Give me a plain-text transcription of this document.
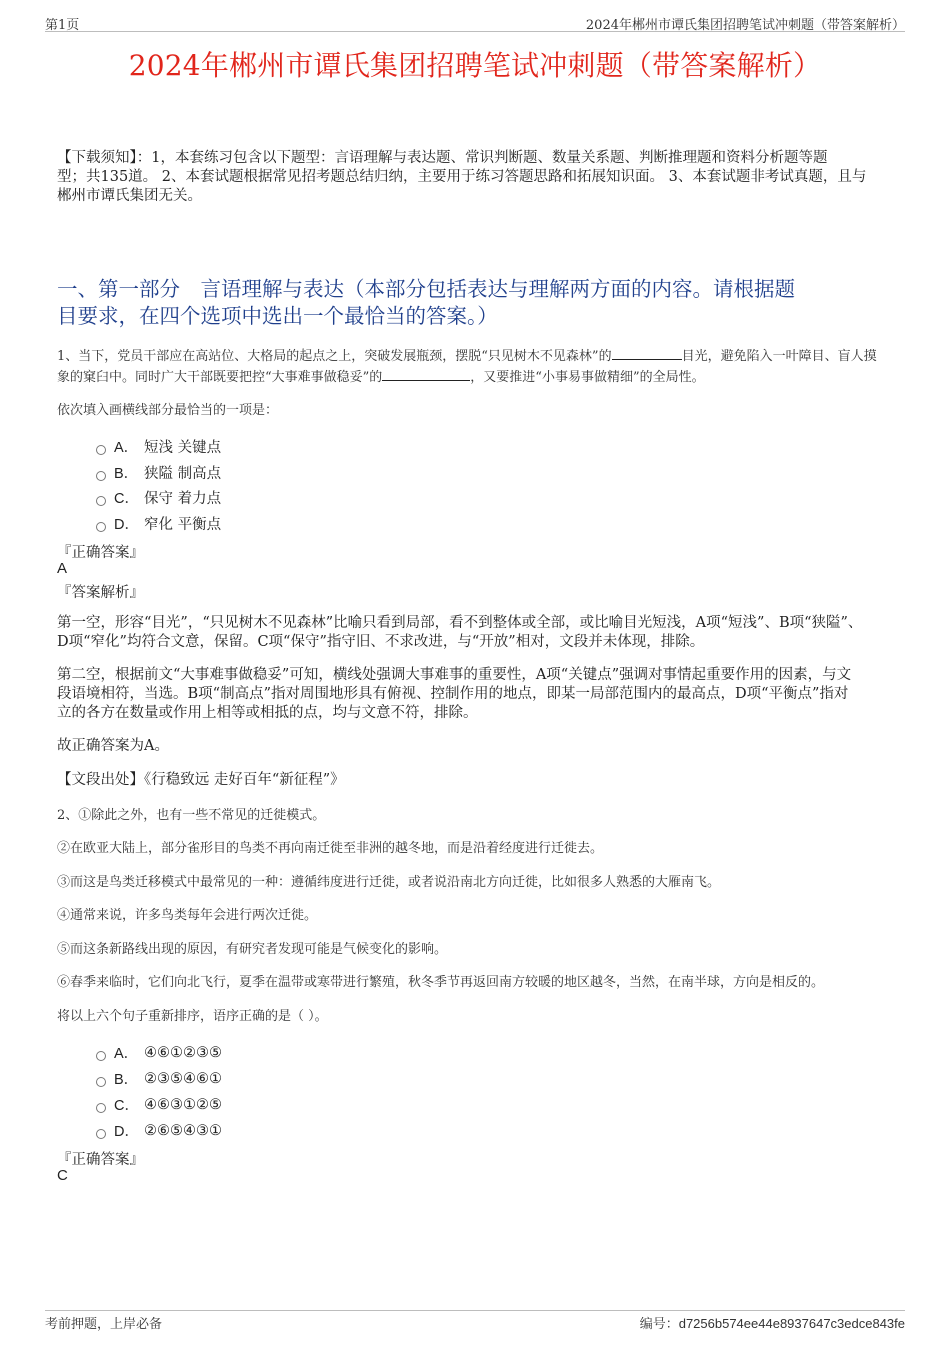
第1页	2024年郴州市谭氏集团招聘笔试冲刺题（带答案解析）
2024年郴州市谭氏集团招聘笔试冲刺题（带答案解析）
【下载须知】：1，本套练习包含以下题型：言语理解与表达题、常识判断题、数量关系题、判断推理题和资料分析题等题
型；共135道。 2、本套试题根据常见招考题总结归纳，主要用于练习答题思路和拓展知识面。 3、本套试题非考试真题，且与
郴州市谭氏集团无关。
一、第一部分　言语理解与表达（本部分包括表达与理解两方面的内容。请根据题
目要求，在四个选项中选出一个最恰当的答案。）
1、当下，党员干部应在高站位、大格局的起点之上，突破发展瓶颈，摆脱“只见树木不见森林”的	目光，避免陷入一叶障目、盲人摸
象的窠臼中。同时广大干部既要把控“大事难事做稳妥”的	，又要推进“小事易事做精细”的全局性。
依次填入画横线部分最恰当的一项是：
A． 短浅 关键点
B． 狭隘 制高点
C． 保守 着力点
D． 窄化 平衡点
『正确答案』
A
『答案解析』
第一空，形容“目光”，“只见树木不见森林”比喻只看到局部，看不到整体或全部，或比喻目光短浅，A项“短浅”、B项“狭隘”、
D项“窄化”均符合文意，保留。C项“保守”指守旧、不求改进，与“开放”相对，文段并未体现，排除。
第二空，根据前文“大事难事做稳妥”可知，横线处强调大事难事的重要性，A项“关键点”强调对事情起重要作用的因素，与文
段语境相符，当选。B项“制高点”指对周围地形具有俯视、控制作用的地点，即某一局部范围内的最高点，D项“平衡点”指对
立的各方在数量或作用上相等或相抵的点，均与文意不符，排除。
故正确答案为A。
【文段出处】《行稳致远 走好百年“新征程”》
2、①除此之外，也有一些不常见的迁徙模式。
②在欧亚大陆上，部分雀形目的鸟类不再向南迁徙至非洲的越冬地，而是沿着经度进行迁徙去。
③而这是鸟类迁移模式中最常见的一种：遵循纬度进行迁徙，或者说沿南北方向迁徙，比如很多人熟悉的大雁南飞。
④通常来说，许多鸟类每年会进行两次迁徙。
⑤而这条新路线出现的原因，有研究者发现可能是气候变化的影响。
⑥春季来临时，它们向北飞行，夏季在温带或寒带进行繁殖，秋冬季节再返回南方较暖的地区越冬，当然，在南半球，方向是相反的。
将以上六个句子重新排序，语序正确的是（ ）。
A． ④⑥①②③⑤
B． ②③⑤④⑥①
C． ④⑥③①②⑤
D． ②⑥⑤④③①
『正确答案』
C
考前押题，上岸必备	编号：d7256b574ee44e8937647c3edce843fe
